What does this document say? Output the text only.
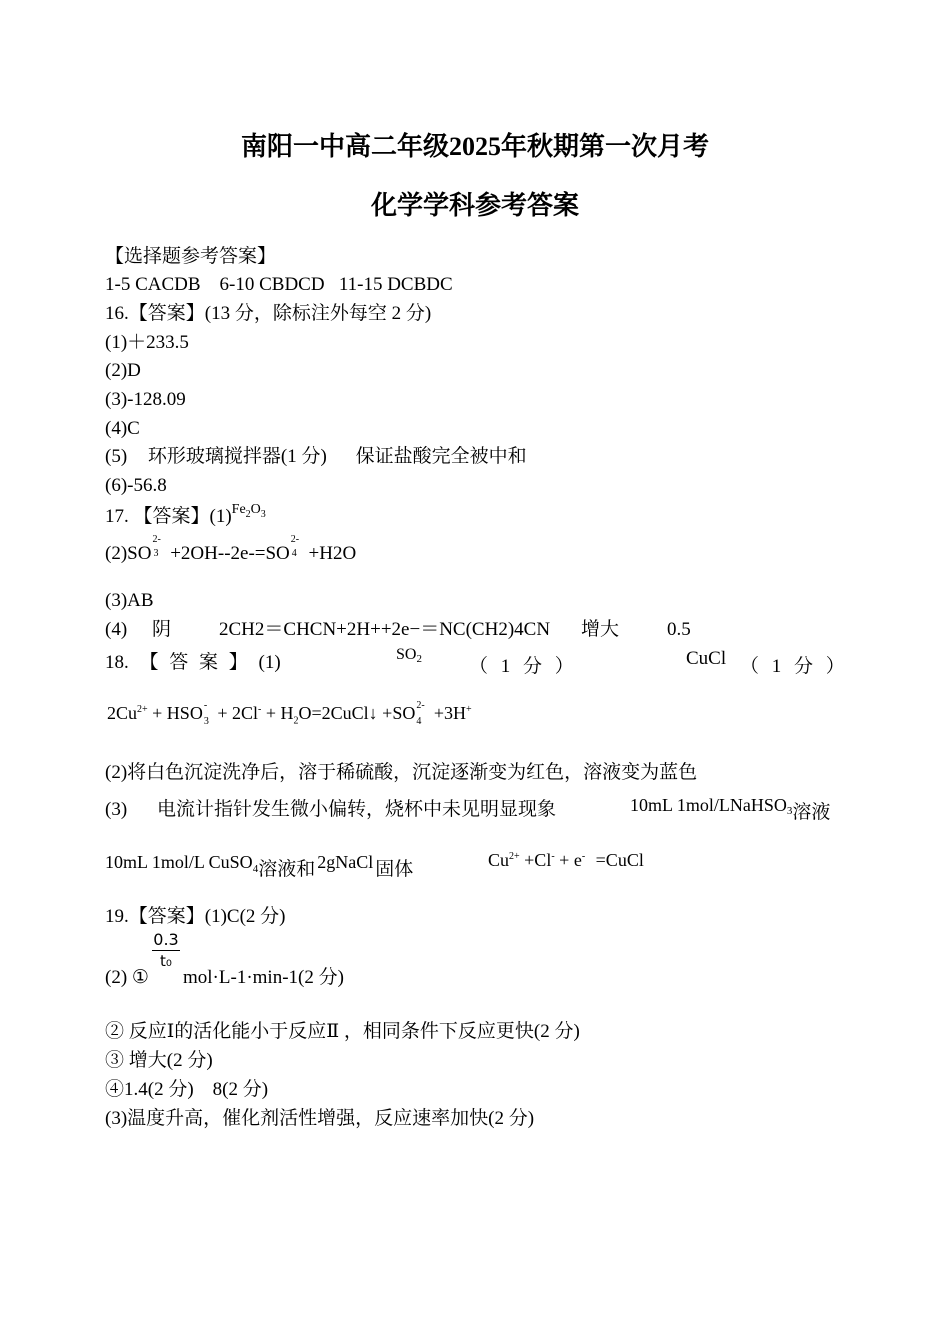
南阳一中高二年级2025年秋期第一次月考
化学学科参考答案
【选择题参考答案】
1-5 CACDB    6-10 CBDCD   11-15 DCBDC
16.【答案】(13 分，除标注外每空 2 分)
(1)＋233.5
(2)D
(3)-128.09
(4)C
(5) 环形玻璃搅拌器(1 分) 保证盐酸完全被中和
(6)-56.8
17. 【答案】$(1)^{Fe_2O_3}$
(2)SO
2-
3 +2OH--2e-=SO
2-
4 +H2O
(3)AB
(4) 阴	2CH2＝CHCN+2H++2e−＝NC(CH2)4CN 增大	0.5
18. 【 答 案 】 (1)	SO2 （ 1 分 ）	CuCl （ 1 分 ）
$2Cu^{2+}$ + HSO -
$3 + 2Cl^- + H_2O=2CuCl↓ +SO$ 2-
4 +3H+
(2)将白色沉淀洗净后，溶于稀硫酸，沉淀逐渐变为红色，溶液变为蓝色
(3) 电流计指针发生微小偏转，烧杯中未见明显现象	10mL 1mol/LNaHSO3溶液
10mL 1mol/L CuSO$_4$溶液和 2gNaCl 固体	$Cu^{2+} +Cl^- + e^-$ =CuCl
19.【答案】(1)C(2 分)
0.3
t₀
(2) ① mol·L-1·min-1(2 分)
② 反应Ⅰ的活化能小于反应Ⅱ ，相同条件下反应更快(2 分)
③ 增大(2 分)
④1.4(2 分)    8(2 分)
(3)温度升高，催化剂活性增强，反应速率加快(2 分)
